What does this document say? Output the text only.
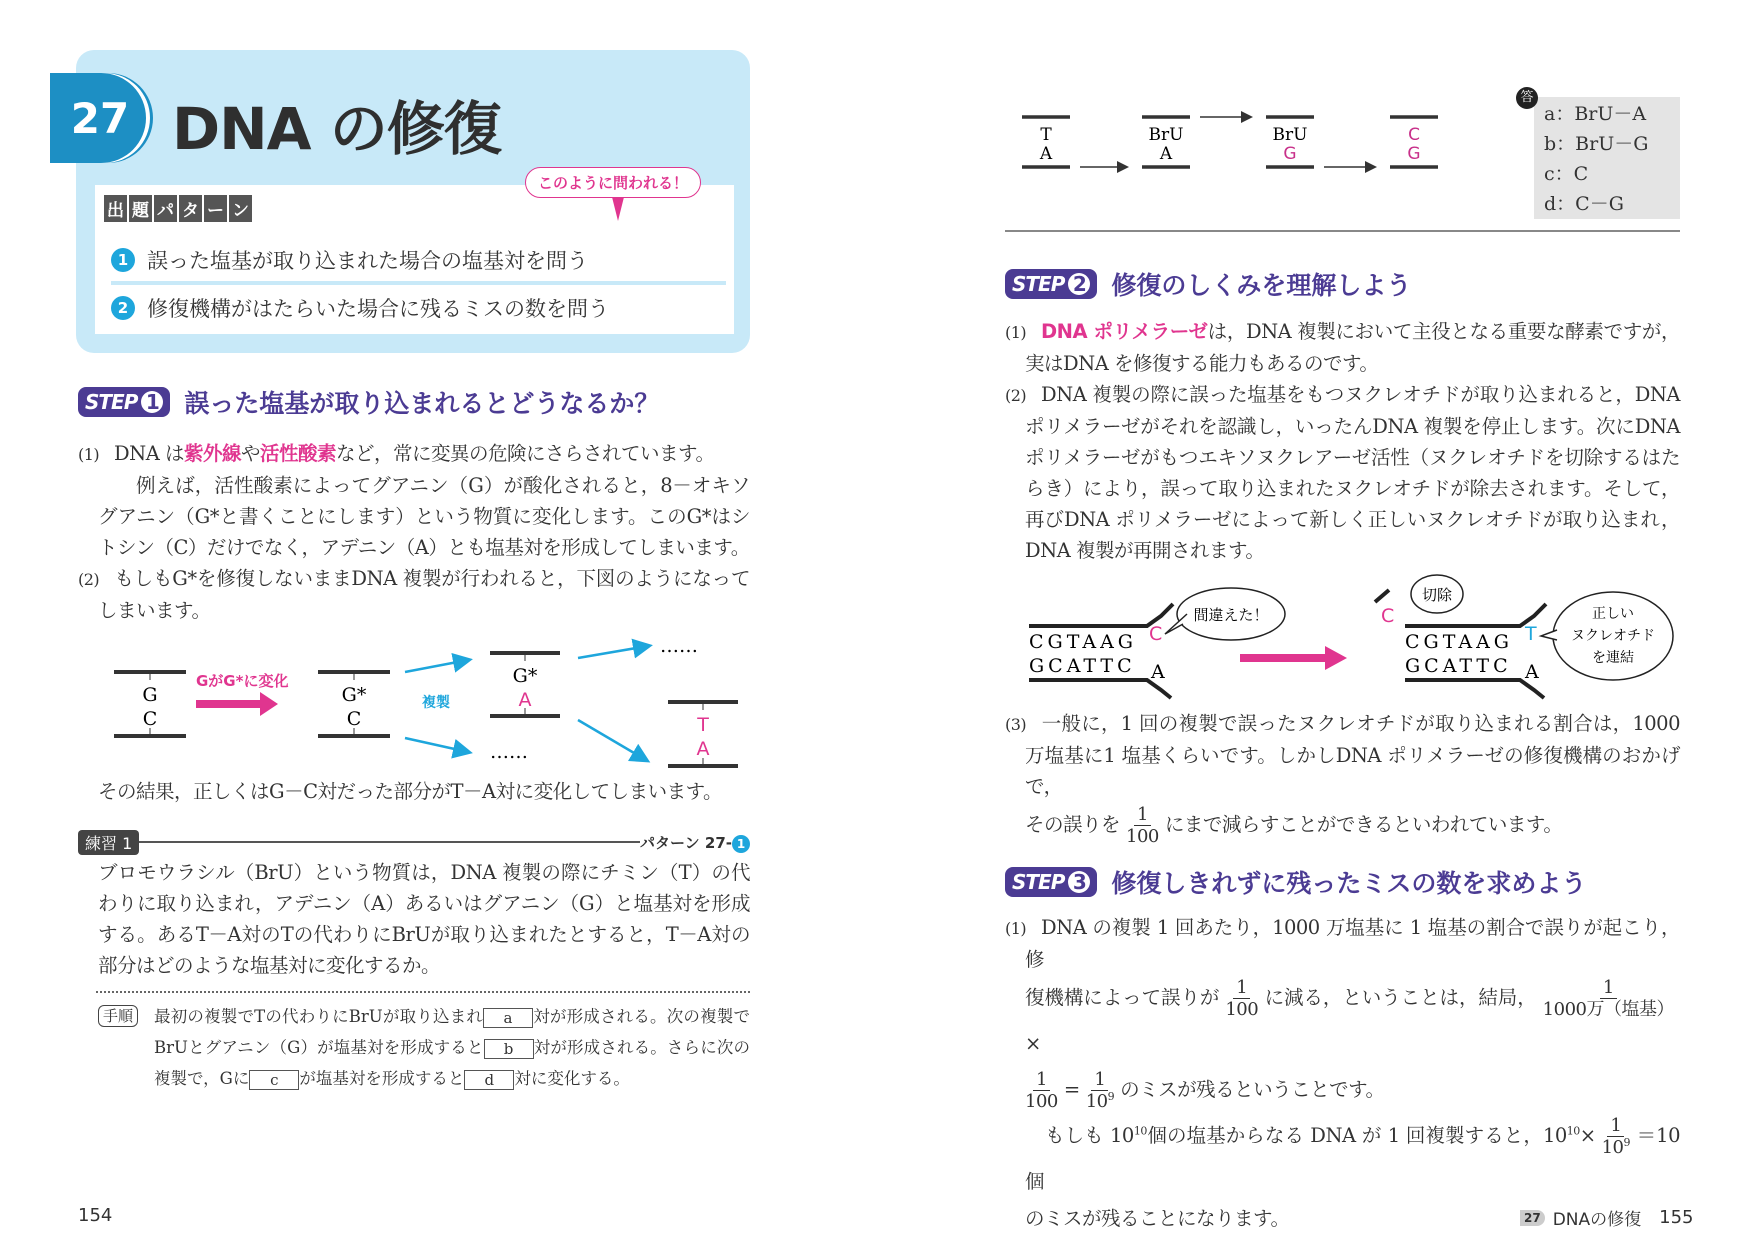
27 DNA の修復
出 題 パ タ ー ン
1 誤った塩基が取り込まれた場合の塩基対を問う
2 修復機構がはたらいた場合に残るミスの数を問う
このように問われる！
STEP 1	誤った塩基が取り込まれるとどうなるか？

(1) DNA は紫外線や活性酸素など，常に変異の危険にさらされています。

例えば，活性酸素によってグアニン（G）が酸化されると，8－オキソグアニン（G*と書くことにします）という物質に変化します。このG*はシトシン（C）だけでなく，アデニン（A）とも塩基対を形成してしまいます。

(2) もしもG*を修復しないままDNA 複製が行われると，下図のようになってしまいます。

G
C
GがG*に変化
G*
C
複製
G*
A
……
……
T
A
その結果，正しくはG－C対だった部分がT－A対に変化してしまいます。
練習 1	パターン 27- 1
ブロモウラシル（BrU）という物質は，DNA 複製の際にチミン（T）の代わりに取り込まれ，アデニン（A）あるいはグアニン（G）と塩基対を形成する。あるT－A対のTの代わりにBrUが取り込まれたとすると，T－A対の部分はどのような塩基対に変化するか。
手順	最初の複製でTの代わりにBrUが取り込まれ a 対が形成される。次の複製でBrUとグアニン（G）が塩基対を形成すると b 対が形成される。さらに次の複製で，Gに c が塩基対を形成すると d 対に変化する。
154
T
A
BrU
A
BrU
G
C
G
a：BrU－A
b：BrU－G
c：C
d：C－G
答
STEP 2	修復のしくみを理解しよう

(1) DNA ポリメラーゼは，DNA 複製において主役となる重要な酵素ですが，実はDNA を修復する能力もあるのです。

(2) DNA 複製の際に誤った塩基をもつヌクレオチドが取り込まれると，DNA ポリメラーゼがそれを認識し，いったんDNA 複製を停止します。次にDNA ポリメラーゼがもつエキソヌクレアーゼ活性（ヌクレオチドを切除するはたらき）により，誤って取り込まれたヌクレオチドが除去されます。そして，再びDNA ポリメラーゼによって新しく正しいヌクレオチドが取り込まれ，DNA 複製が再開されます。

CGTAAG
GCATTC
C
A
間違えた！	C
切除
CGTAAG
GCATTC
T
A
正しい
ヌクレオチド
を連結

(3) 一般に，1 回の複製で誤ったヌクレオチドが取り込まれる割合は，1000 万塩基に1 塩基くらいです。しかしDNA ポリメラーゼの修復機構のおかげで，

その誤りを $\frac{1}{100}$ にまで減らすことができるといわれています。

STEP 3	修復しきれずに残ったミスの数を求めよう

(1) DNA の複製 1 回あたり，1000 万塩基に 1 塩基の割合で誤りが起こり，修

復機構によって誤りが $\frac{1}{100}$ に減る，ということは，結局， $\frac{1}{\text{1000万（塩基）}}$
×

$\frac{1}{100} = \frac{1}{10^9}$ のミスが残るということです。

もしも $10^{10}$個の塩基からなる DNA が 1 回複製すると，$10^{10}\times \frac{1}{10^9} =10$ 個

のミスが残ることになります。	27 DNAの修復 155
